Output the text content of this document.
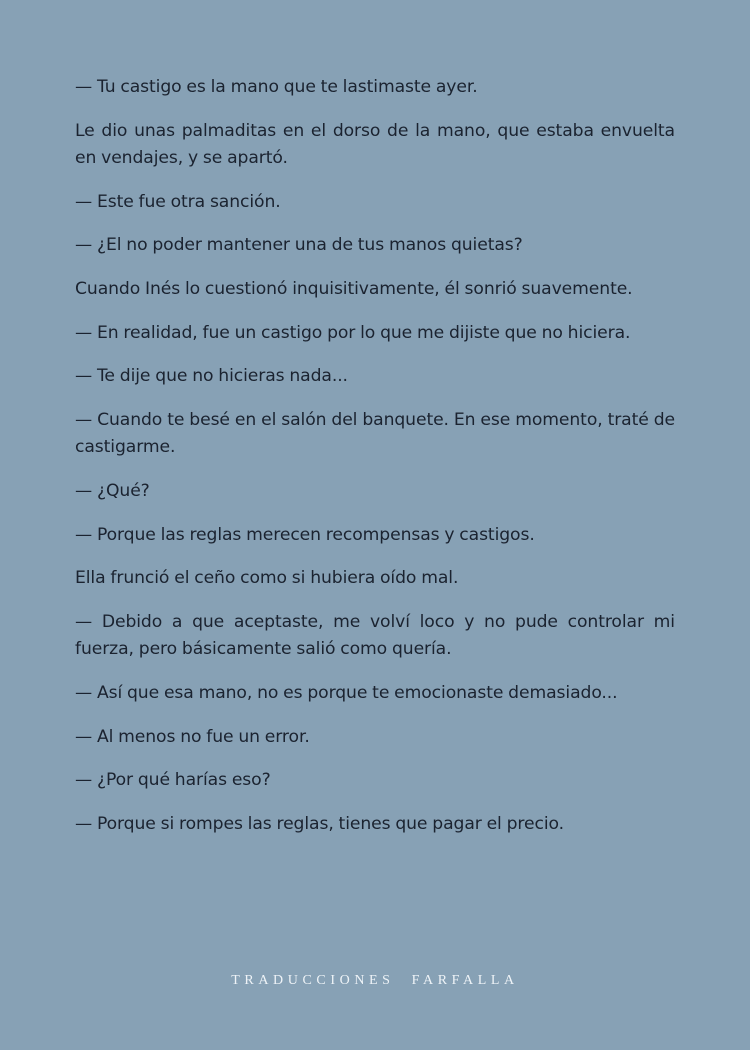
— Tu castigo es la mano que te lastimaste ayer.

Le dio unas palmaditas en el dorso de la mano, que estaba envuelta en vendajes, y se apartó.

— Este fue otra sanción.

— ¿El no poder mantener una de tus manos quietas?

Cuando Inés lo cuestionó inquisitivamente, él sonrió suavemente.

— En realidad, fue un castigo por lo que me dijiste que no hiciera.

— Te dije que no hicieras nada...

— Cuando te besé en el salón del banquete. En ese momento, traté de castigarme.

— ¿Qué?

— Porque las reglas merecen recompensas y castigos.

Ella frunció el ceño como si hubiera oído mal.

— Debido a que aceptaste, me volví loco y no pude controlar mi fuerza, pero básicamente salió como quería.

— Así que esa mano, no es porque te emocionaste demasiado...

— Al menos no fue un error.

— ¿Por qué harías eso?

— Porque si rompes las reglas, tienes que pagar el precio.

TRADUCCIONES FARFALLA
